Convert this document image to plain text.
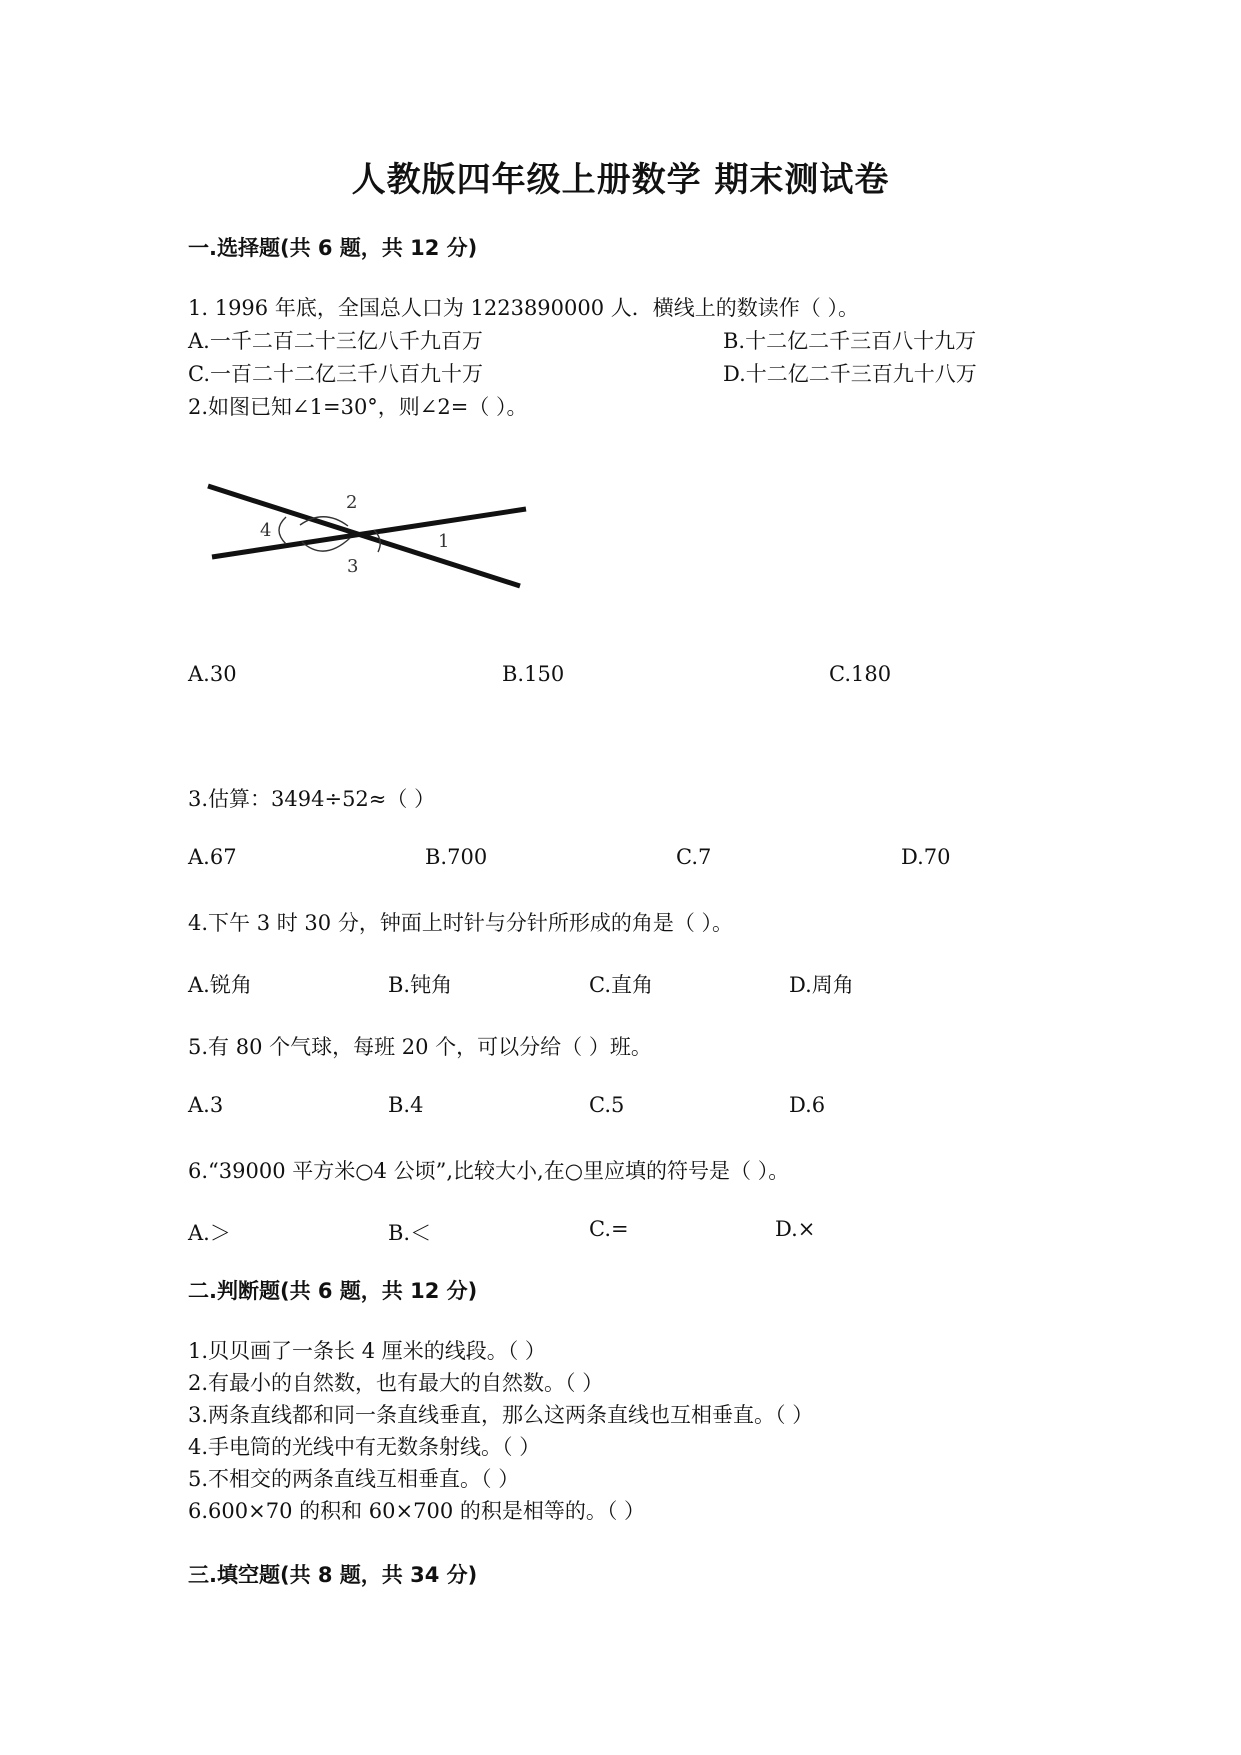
人教版四年级上册数学 期末测试卷
一.选择题(共 6 题，共 12 分)
1. 1996 年底，全国总人口为 1223890000 人．横线上的数读作（ ）。
A.一千二百二十三亿八千九百万	B.十二亿二千三百八十九万
C.一百二十二亿三千八百九十万	D.十二亿二千三百九十八万
2.如图已知∠1=30°，则∠2=（ ）。
4
2
3
1
A.30	B.150	C.180
3.估算：3494÷52≈（ ）
A.67	B.700	C.7	D.70
4.下午 3 时 30 分，钟面上时针与分针所形成的角是（ ）。
A.锐角	B.钝角	C.直角	D.周角
5.有 80 个气球，每班 20 个，可以分给（ ）班。
A.3	B.4	C.5	D.6
6.“39000 平方米○4 公顷”,比较大小,在○里应填的符号是（ ）。
A.＞	B.＜	C.=	D.×
二.判断题(共 6 题，共 12 分)
1.贝贝画了一条长 4 厘米的线段。（ ）
2.有最小的自然数，也有最大的自然数。（ ）
3.两条直线都和同一条直线垂直，那么这两条直线也互相垂直。（ ）
4.手电筒的光线中有无数条射线。（ ）
5.不相交的两条直线互相垂直。（ ）
6.600×70 的积和 60×700 的积是相等的。（ ）
三.填空题(共 8 题，共 34 分)
